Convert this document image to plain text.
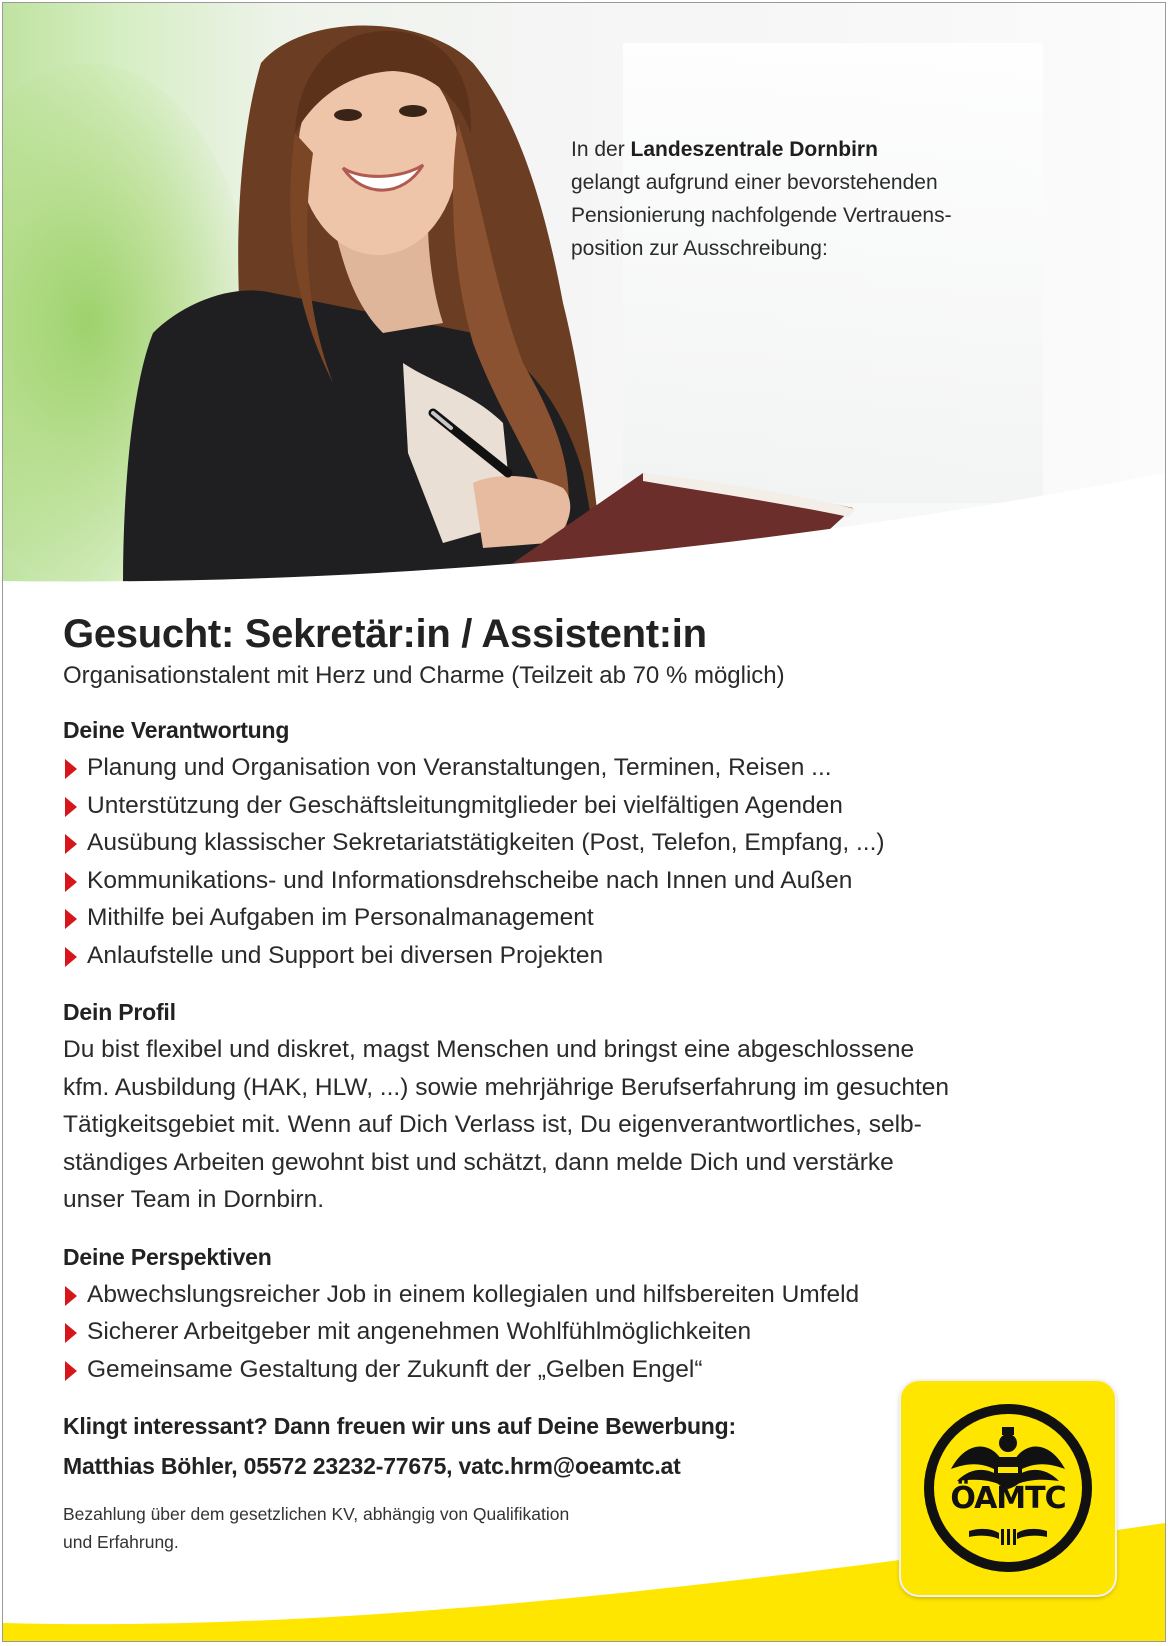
In der Landeszentrale Dornbirn
gelangt aufgrund einer bevorstehenden
Pensionierung nachfolgende Vertrauens-
position zur Ausschreibung:
Gesucht: Sekretär:in / Assistent:in

Organisationstalent mit Herz und Charme (Teilzeit ab 70 % möglich)

Deine Verantwortung
Planung und Organisation von Veranstaltungen, Terminen, Reisen ...
Unterstützung der Geschäftsleitungmitglieder bei vielfältigen Agenden
Ausübung klassischer Sekretariatstätigkeiten (Post, Telefon, Empfang, ...)
Kommunikations- und Informationsdrehscheibe nach Innen und Außen
Mithilfe bei Aufgaben im Personalmanagement
Anlaufstelle und Support bei diversen Projekten
Dein Profil
Du bist flexibel und diskret, magst Menschen und bringst eine abgeschlossene
kfm. Ausbildung (HAK, HLW, ...) sowie mehrjährige Berufserfahrung im gesuchten
Tätigkeitsgebiet mit. Wenn auf Dich Verlass ist, Du eigenverantwortliches, selb-
ständiges Arbeiten gewohnt bist und schätzt, dann melde Dich und verstärke
unser Team in Dornbirn.
Deine Perspektiven
Abwechslungsreicher Job in einem kollegialen und hilfsbereiten Umfeld
Sicherer Arbeitgeber mit angenehmen Wohlfühlmöglichkeiten
Gemeinsame Gestaltung der Zukunft der „Gelben Engel“
Klingt interessant? Dann freuen wir uns auf Deine Bewerbung:
Matthias Böhler, 05572 23232-77675, vatc.hrm@oeamtc.at
Bezahlung über dem gesetzlichen KV, abhängig von Qualifikation
und Erfahrung.
ÖAMTC
